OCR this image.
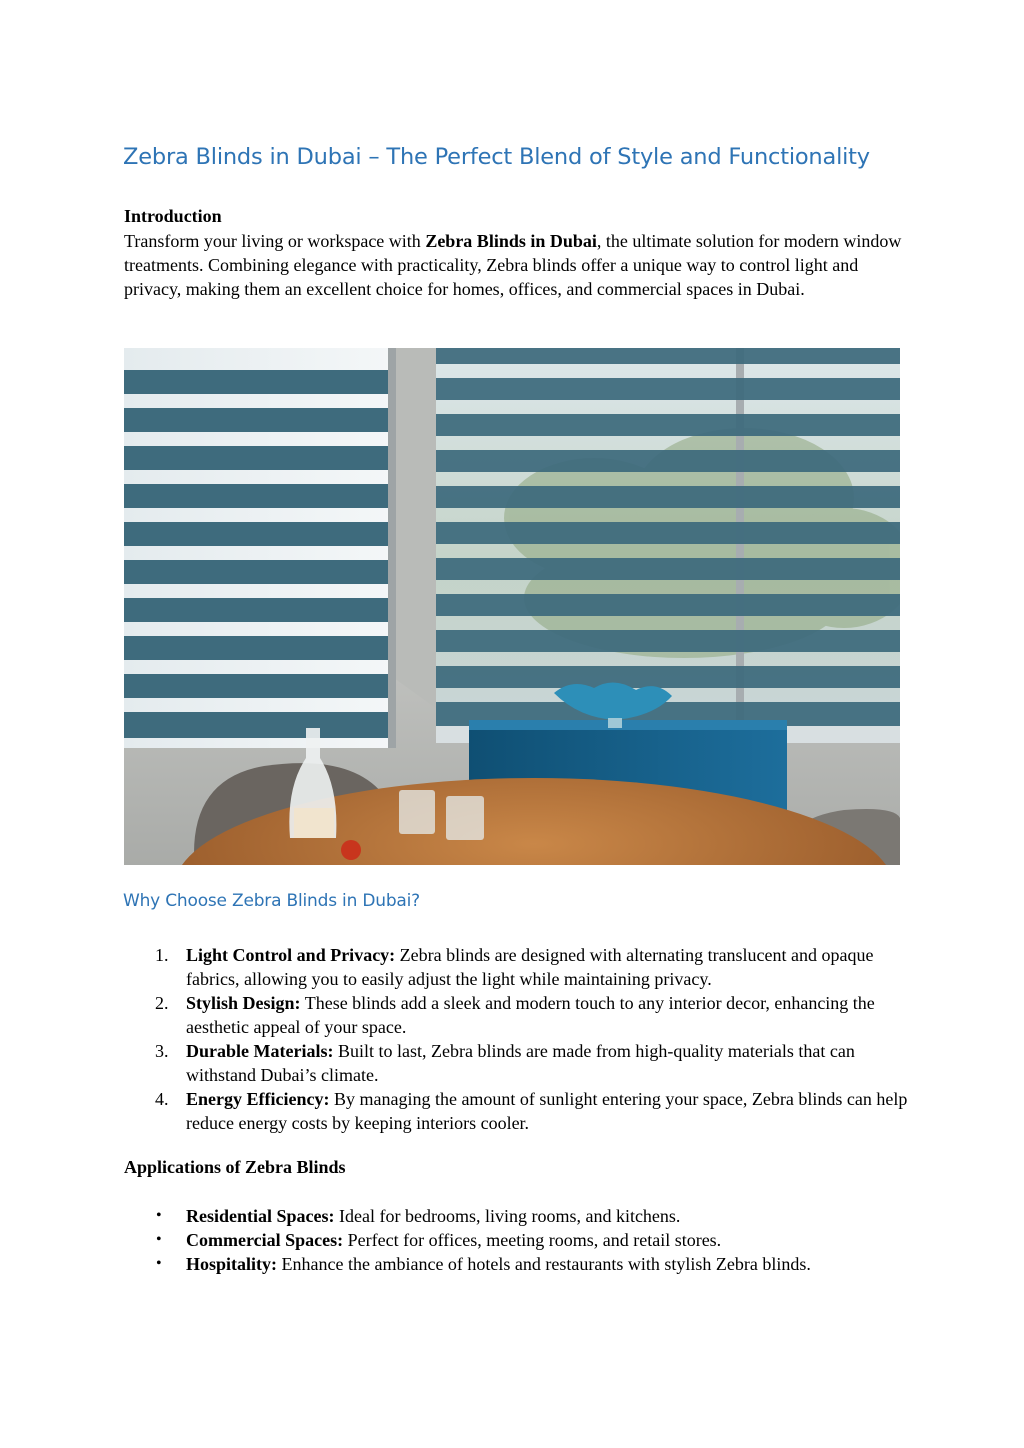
Zebra Blinds in Dubai – The Perfect Blend of Style and Functionality
Introduction

Transform your living or workspace with Zebra Blinds in Dubai, the ultimate solution for modern window treatments. Combining elegance with practicality, Zebra blinds offer a unique way to control light and privacy, making them an excellent choice for homes, offices, and commercial spaces in Dubai.

Why Choose Zebra Blinds in Dubai?
1. Light Control and Privacy: Zebra blinds are designed with alternating translucent and opaque fabrics, allowing you to easily adjust the light while maintaining privacy.
2. Stylish Design: These blinds add a sleek and modern touch to any interior decor, enhancing the aesthetic appeal of your space.
3. Durable Materials: Built to last, Zebra blinds are made from high-quality materials that can withstand Dubai’s climate.
4. Energy Efficiency: By managing the amount of sunlight entering your space, Zebra blinds can help reduce energy costs by keeping interiors cooler.
Applications of Zebra Blinds
• Residential Spaces: Ideal for bedrooms, living rooms, and kitchens.
• Commercial Spaces: Perfect for offices, meeting rooms, and retail stores.
• Hospitality: Enhance the ambiance of hotels and restaurants with stylish Zebra blinds.
